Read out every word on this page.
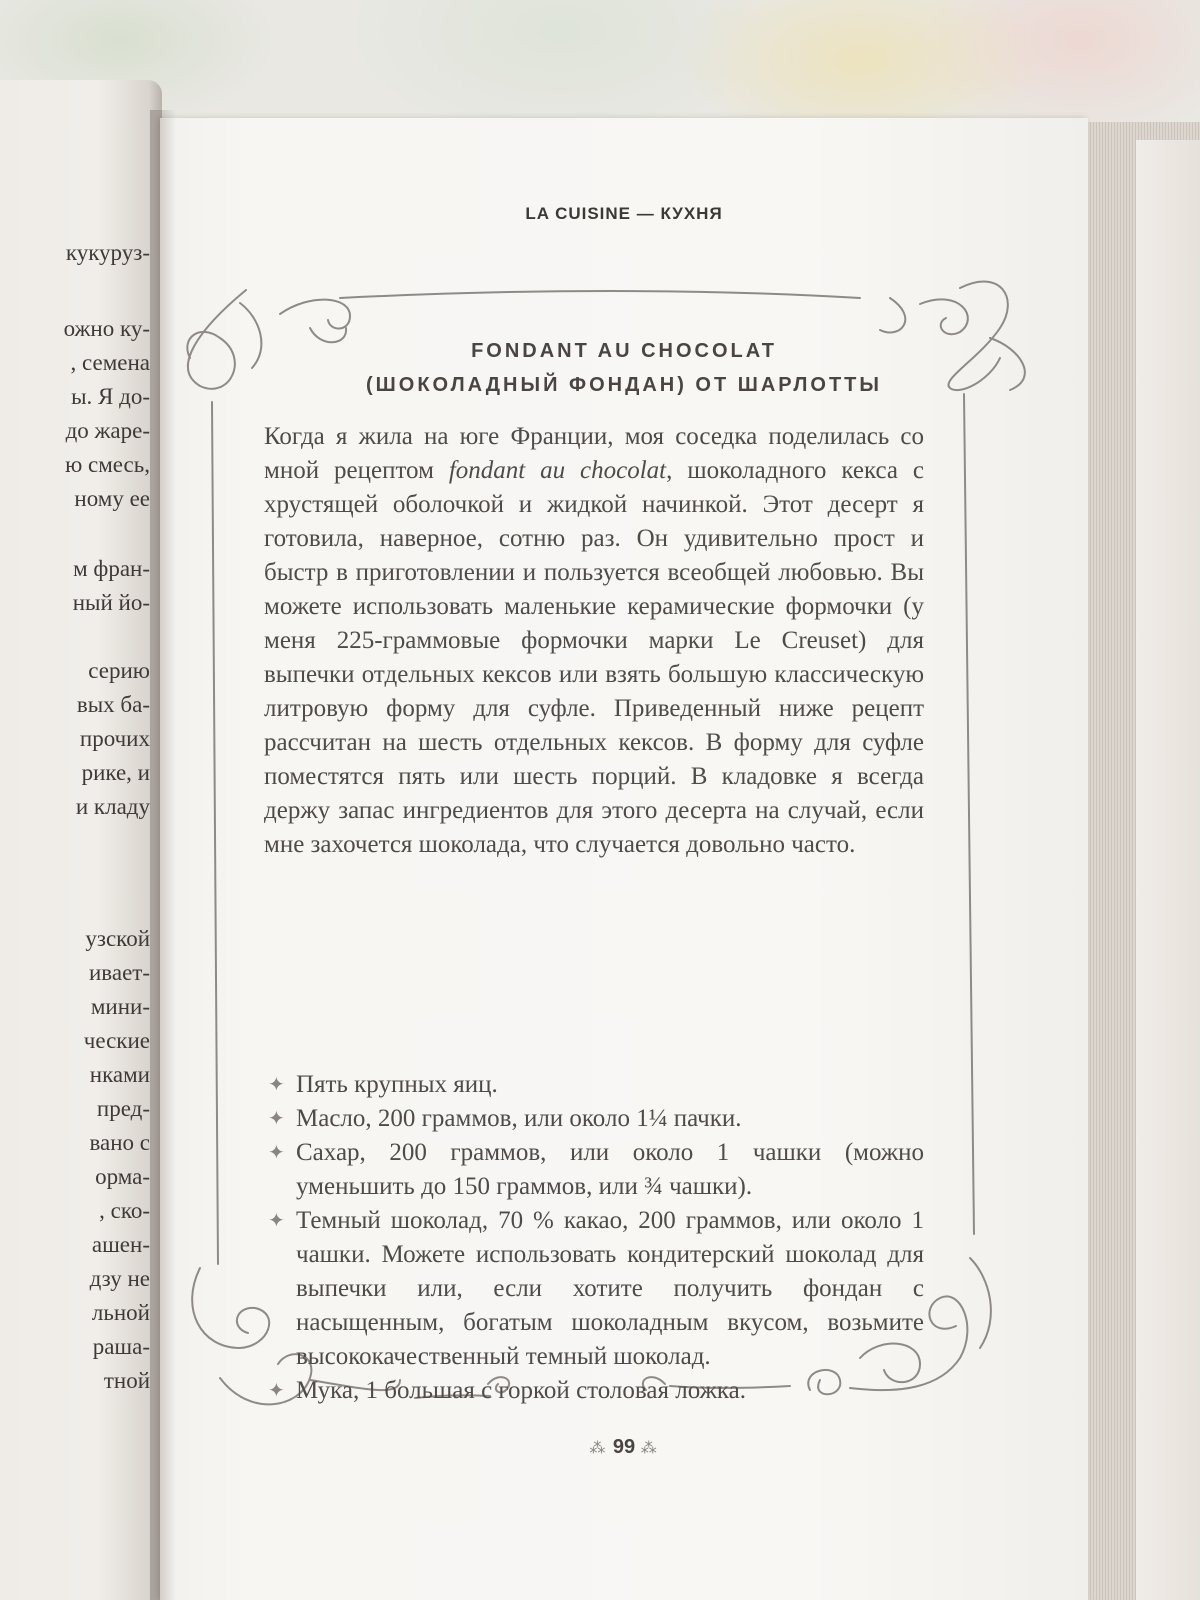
кукуруз-
ожно ку-
, семена
ы. Я до-
до жаре-
ю смесь,
ному ее
м фран-
ный йо-
серию
вых ба-
прочих
рике, и
и кладу
узской
ивает-
мини-
ческие
нками
пред-
вано с
орма-
, ско-
ашен-
дзу не
льной
раша-
тной
LA CUISINE — КУХНЯ
FONDANT AU CHOCOLAT
(ШОКОЛАДНЫЙ ФОНДАН) ОТ ШАРЛОТТЫ
Когда я жила на юге Франции, моя соседка поделилась со мной рецептом fondant au chocolat, шоколадного кекса с хрустящей оболочкой и жидкой начинкой. Этот десерт я готовила, наверное, сотню раз. Он удивительно прост и быстр в приготовлении и пользуется всеобщей любовью. Вы можете использовать маленькие керамические формочки (у меня 225-граммовые формочки марки Le Creuset) для выпечки отдельных кексов или взять большую классическую литровую форму для суфле. Приведенный ниже рецепт рассчитан на шесть отдельных кексов. В форму для суфле поместятся пять или шесть порций. В кладовке я всегда держу запас ингредиентов для этого десерта на случай, если мне захочется шоколада, что случается довольно часто.
✦ Пять крупных яиц.
✦ Масло, 200 граммов, или около 1¼ пачки.
✦ Сахар, 200 граммов, или около 1 чашки (можно уменьшить до 150 граммов, или ¾ чашки).
✦ Темный шоколад, 70 % какао, 200 граммов, или около 1 чашки. Можете использовать кондитерский шоколад для выпечки или, если хотите получить фондан с насыщенным, богатым шоколадным вкусом, возьмите высококачественный темный шоколад.
✦ Мука, 1 большая с горкой столовая ложка.
⁂ 99 ⁂
